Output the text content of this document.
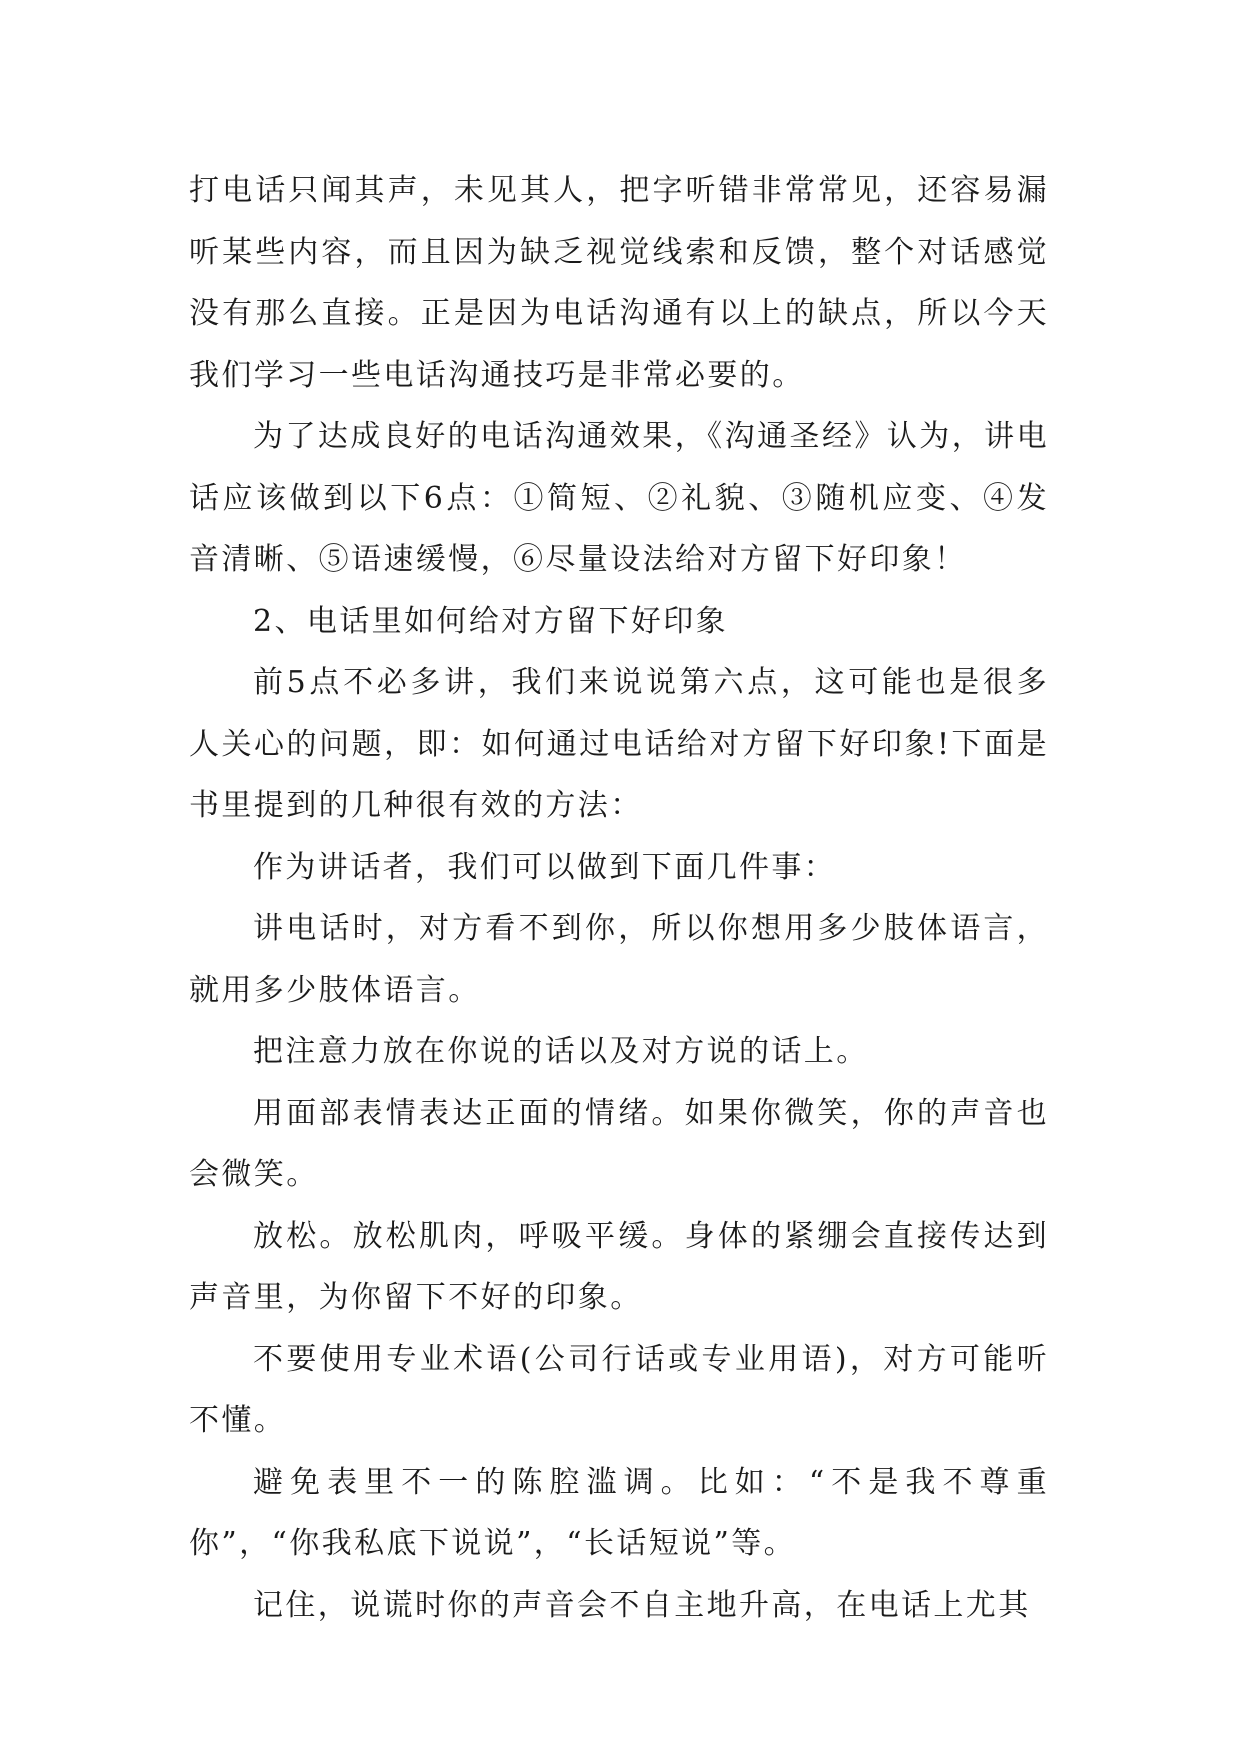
打电话只闻其声，未见其人，把字听错非常常见，还容易漏听某些内容，而且因为缺乏视觉线索和反馈，整个对话感觉没有那么直接。正是因为电话沟通有以上的缺点，所以今天我们学习一些电话沟通技巧是非常必要的。

为了达成良好的电话沟通效果，《沟通圣经》认为，讲电话应该做到以下6点：①简短、②礼貌、③随机应变、④发音清晰、⑤语速缓慢，⑥尽量设法给对方留下好印象！

2、电话里如何给对方留下好印象

前5点不必多讲，我们来说说第六点，这可能也是很多人关心的问题，即：如何通过电话给对方留下好印象!下面是书里提到的几种很有效的方法：

作为讲话者，我们可以做到下面几件事：

讲电话时，对方看不到你，所以你想用多少肢体语言，就用多少肢体语言。

把注意力放在你说的话以及对方说的话上。

用面部表情表达正面的情绪。如果你微笑，你的声音也会微笑。

放松。放松肌肉，呼吸平缓。身体的紧绷会直接传达到声音里，为你留下不好的印象。

不要使用专业术语(公司行话或专业用语)，对方可能听不懂。

避免表里不一的陈腔滥调。比如：“不是我不尊重你”，“你我私底下说说”，“长话短说”等。

记住，说谎时你的声音会不自主地升高，在电话上尤其
